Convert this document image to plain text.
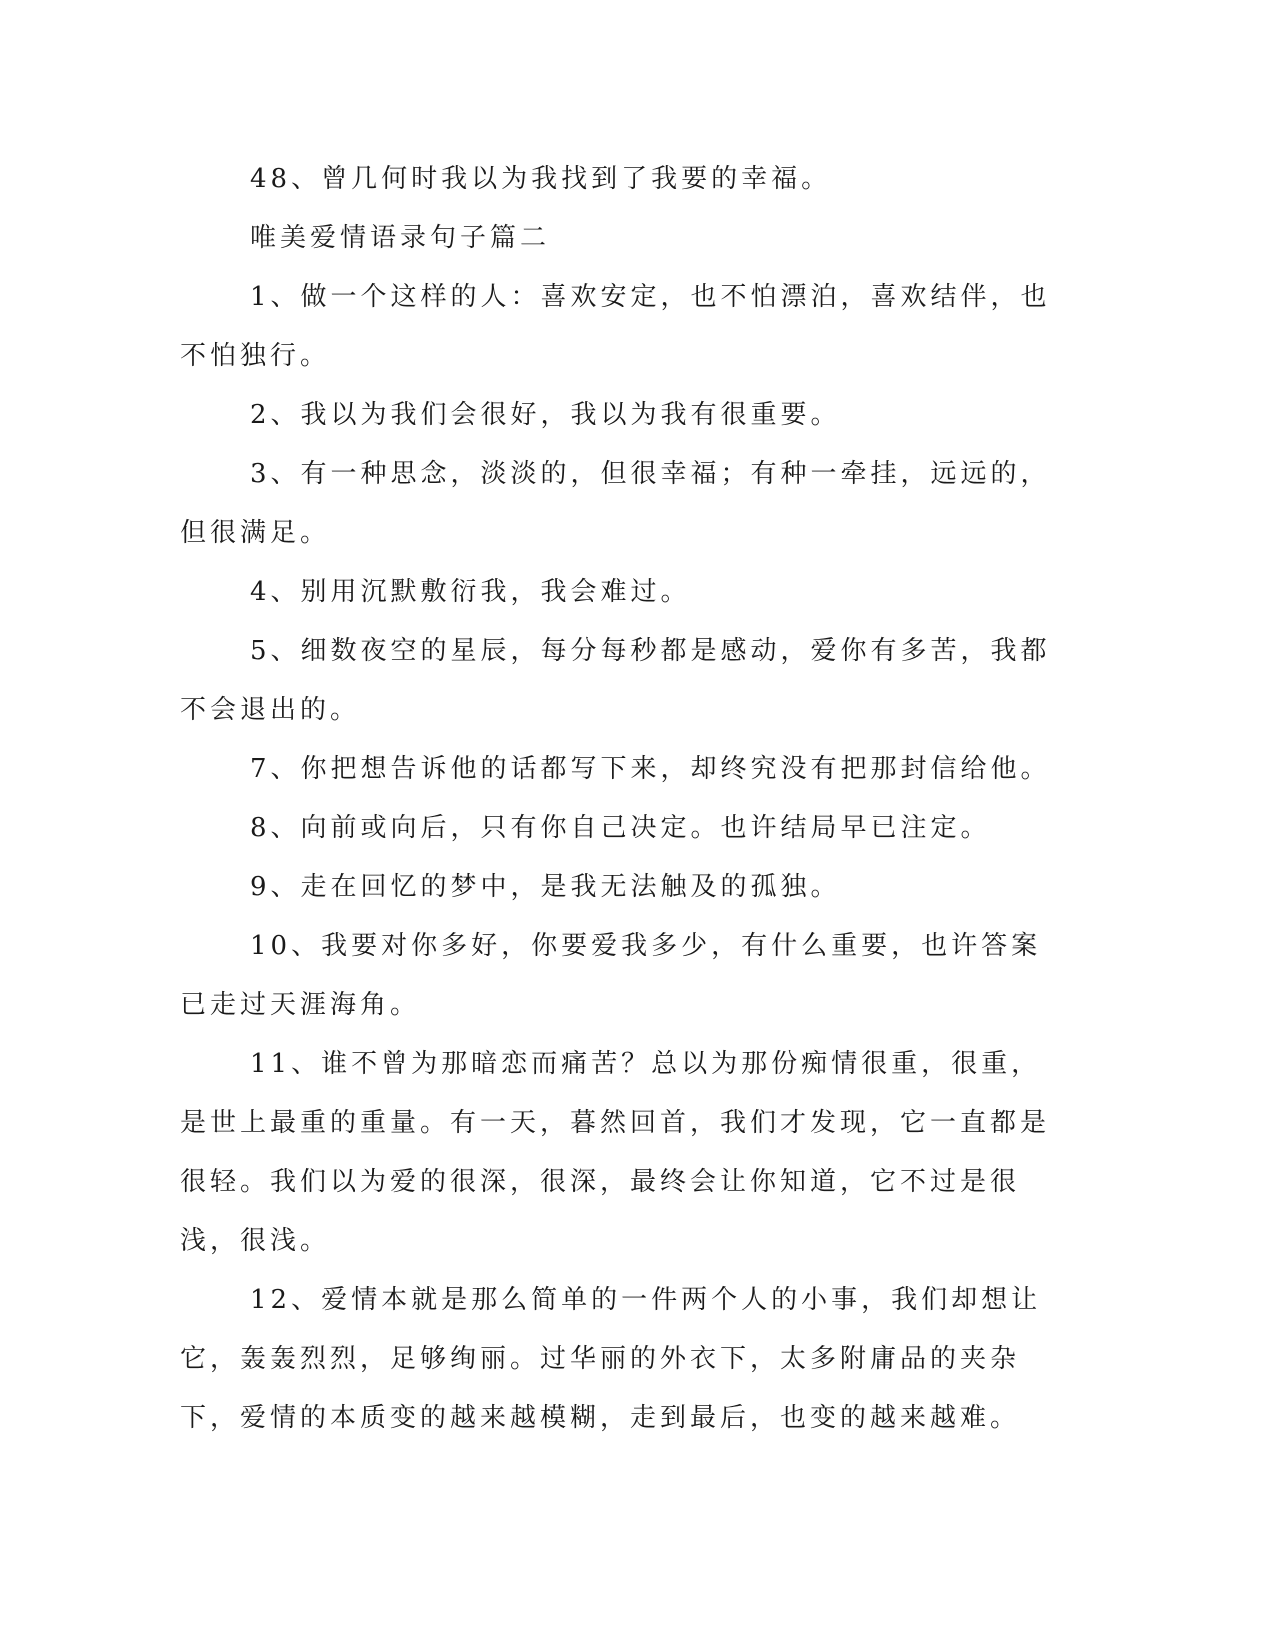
48、曾几何时我以为我找到了我要的幸福。

唯美爱情语录句子篇二

1、做一个这样的人：喜欢安定，也不怕漂泊，喜欢结伴，也不怕独行。

2、我以为我们会很好，我以为我有很重要。

3、有一种思念，淡淡的，但很幸福；有种一牵挂，远远的，但很满足。

4、别用沉默敷衍我，我会难过。

5、细数夜空的星辰，每分每秒都是感动，爱你有多苦，我都不会退出的。

7、你把想告诉他的话都写下来，却终究没有把那封信给他。

8、向前或向后，只有你自己决定。也许结局早已注定。

9、走在回忆的梦中，是我无法触及的孤独。

10、我要对你多好，你要爱我多少，有什么重要，也许答案已走过天涯海角。

11、谁不曾为那暗恋而痛苦？总以为那份痴情很重，很重，是世上最重的重量。有一天，暮然回首，我们才发现，它一直都是很轻。我们以为爱的很深，很深，最终会让你知道，它不过是很浅，很浅。

12、爱情本就是那么简单的一件两个人的小事，我们却想让它，轰轰烈烈，足够绚丽。过华丽的外衣下，太多附庸品的夹杂下，爱情的本质变的越来越模糊，走到最后，也变的越来越难。
